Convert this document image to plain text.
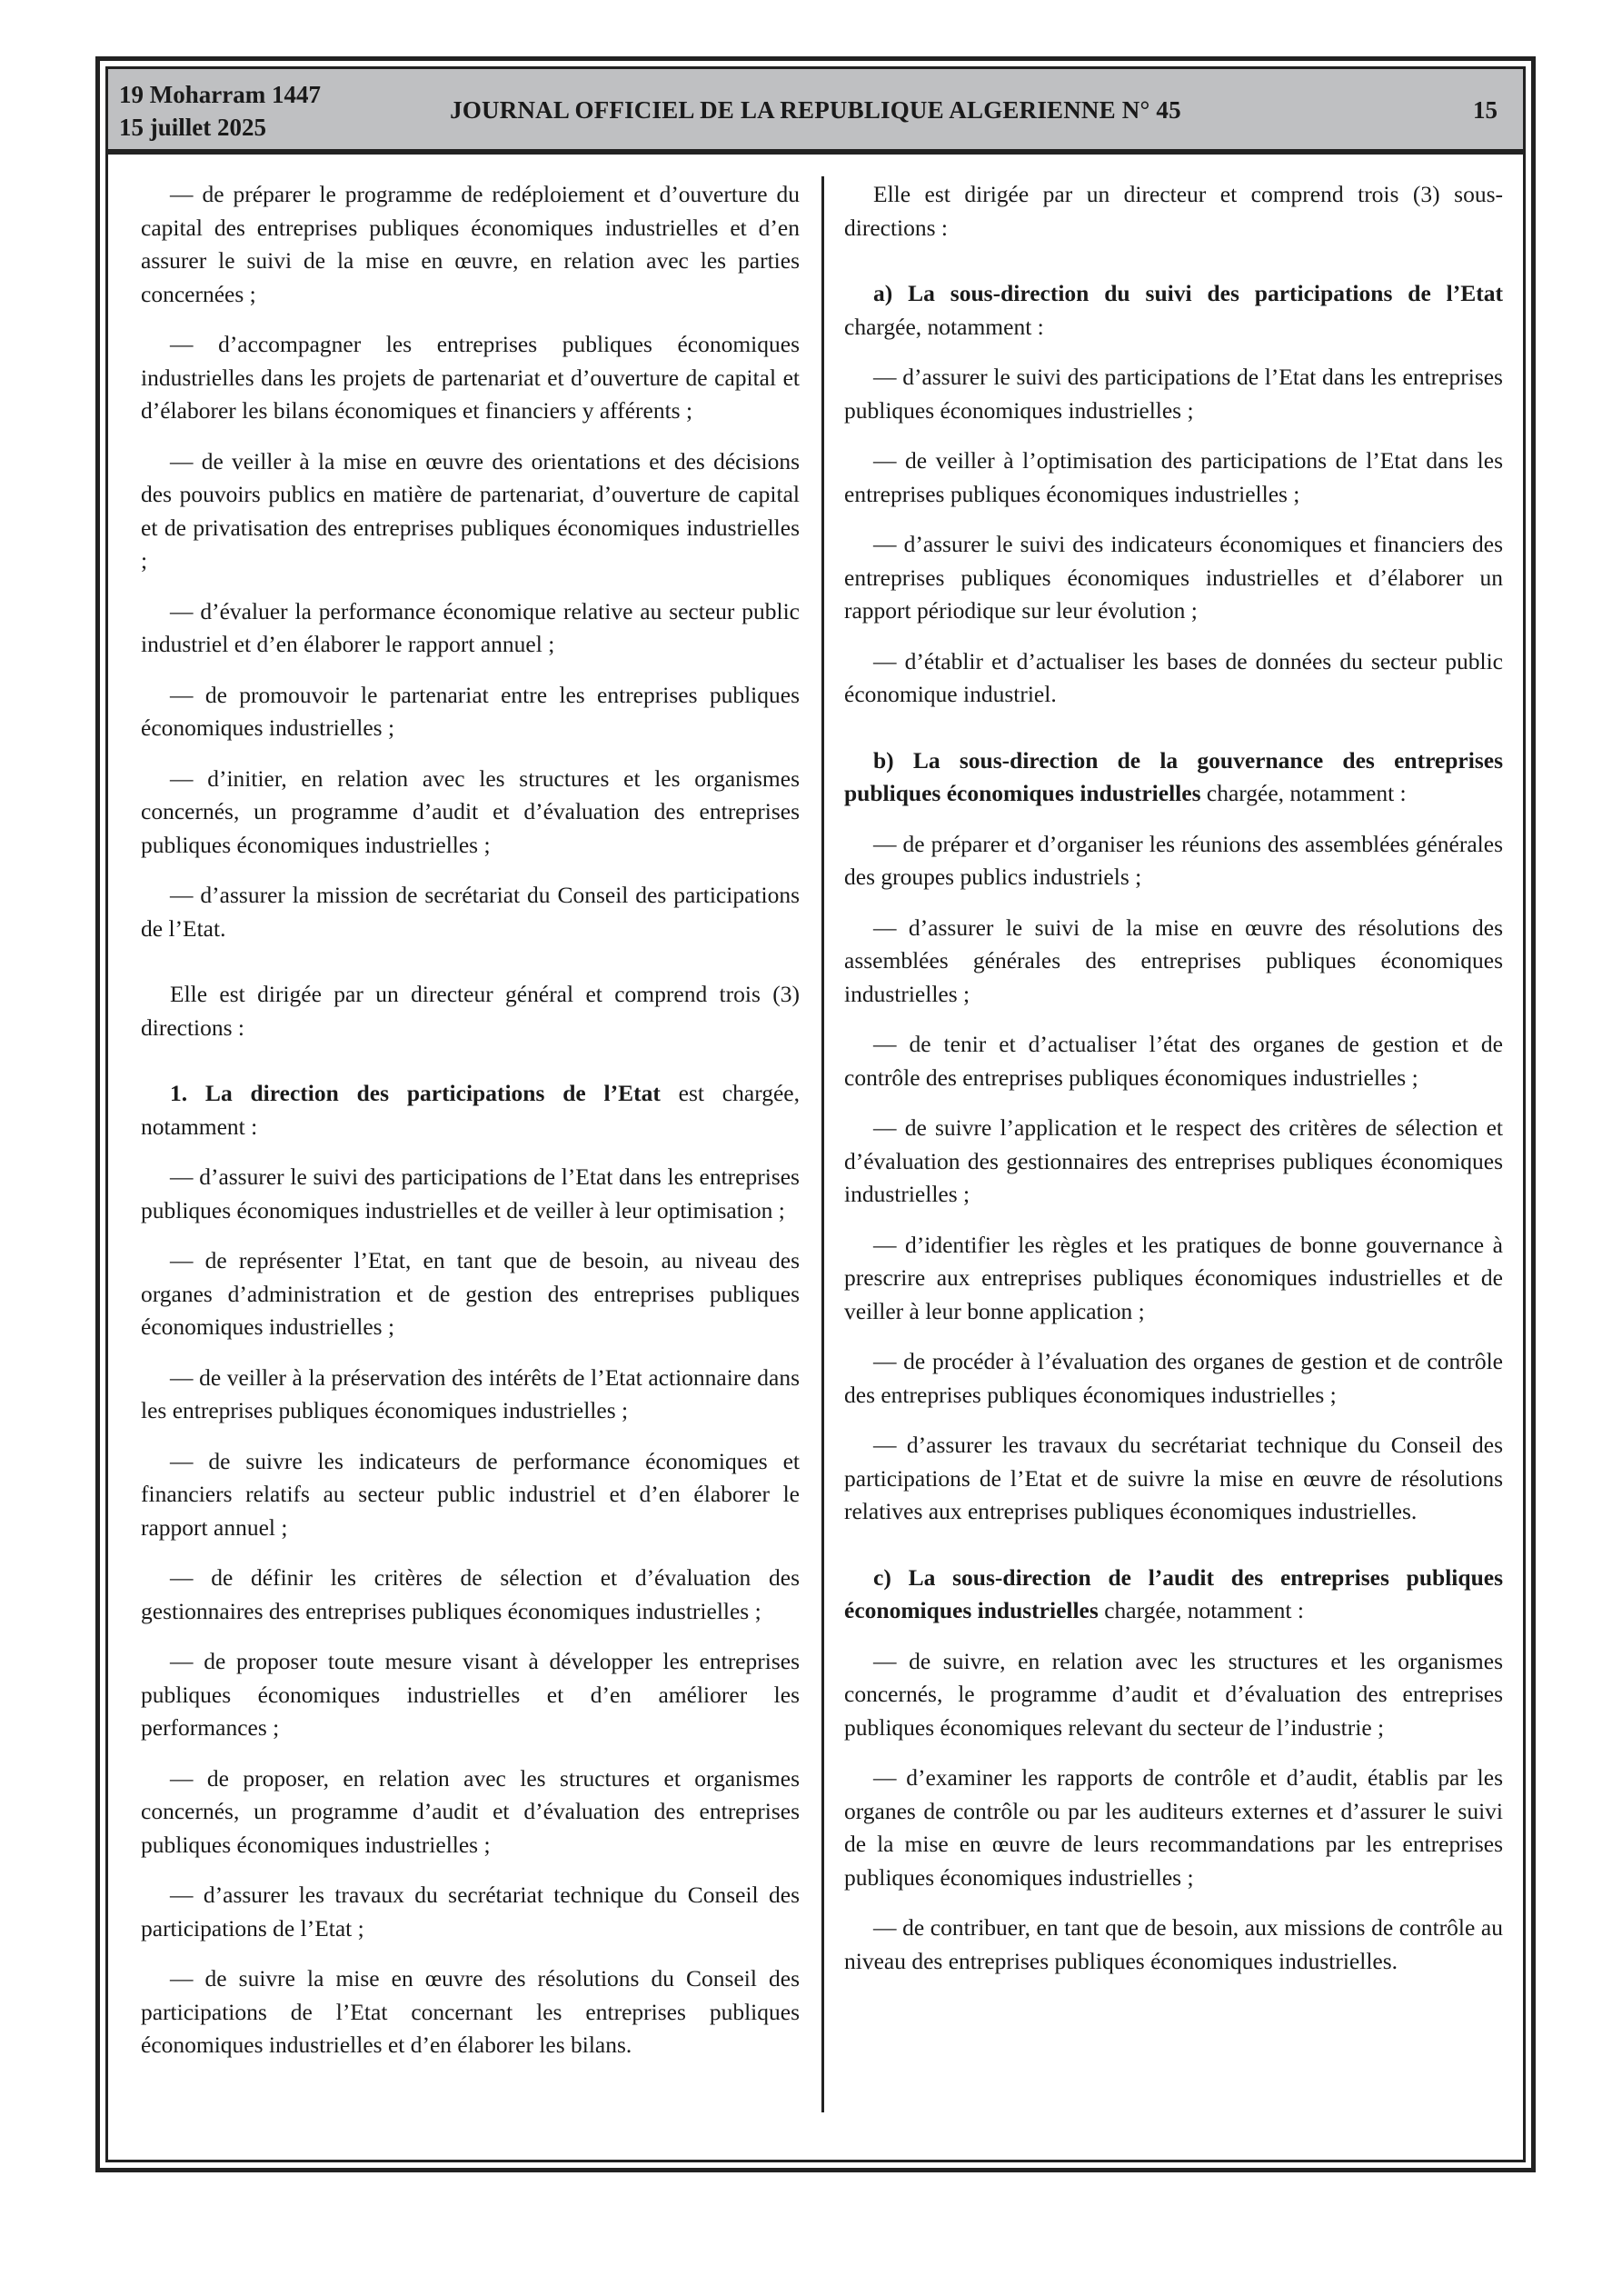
19 Moharram 1447
15 juillet 2025
JOURNAL OFFICIEL DE LA REPUBLIQUE ALGERIENNE N° 45	15

— de préparer le programme de redéploiement et d’ouverture du capital des entreprises publiques économiques industrielles et d’en assurer le suivi de la mise en œuvre, en relation avec les parties concernées ;

— d’accompagner les entreprises publiques économiques industrielles dans les projets de partenariat et d’ouverture de capital et d’élaborer les bilans économiques et financiers y afférents ;

— de veiller à la mise en œuvre des orientations et des décisions des pouvoirs publics en matière de partenariat, d’ouverture de capital et de privatisation des entreprises publiques économiques industrielles ;

— d’évaluer la performance économique relative au secteur public industriel et d’en élaborer le rapport annuel ;

— de promouvoir le partenariat entre les entreprises publiques économiques industrielles ;

— d’initier, en relation avec les structures et les organismes concernés, un programme d’audit et d’évaluation des entreprises publiques économiques industrielles ;

— d’assurer la mission de secrétariat du Conseil des participations de l’Etat.

Elle est dirigée par un directeur général et comprend trois (3) directions :

1. La direction des participations de l’Etat est chargée, notamment :

— d’assurer le suivi des participations de l’Etat dans les entreprises publiques économiques industrielles et de veiller à leur optimisation ;

— de représenter l’Etat, en tant que de besoin, au niveau des organes d’administration et de gestion des entreprises publiques économiques industrielles ;

— de veiller à la préservation des intérêts de l’Etat actionnaire dans les entreprises publiques économiques industrielles ;

— de suivre les indicateurs de performance économiques et financiers relatifs au secteur public industriel et d’en élaborer le rapport annuel ;

— de définir les critères de sélection et d’évaluation des gestionnaires des entreprises publiques économiques industrielles ;

— de proposer toute mesure visant à développer les entreprises publiques économiques industrielles et d’en améliorer les performances ;

— de proposer, en relation avec les structures et organismes concernés, un programme d’audit et d’évaluation des entreprises publiques économiques industrielles ;

— d’assurer les travaux du secrétariat technique du Conseil des participations de l’Etat ;

— de suivre la mise en œuvre des résolutions du Conseil des participations de l’Etat concernant les entreprises publiques économiques industrielles et d’en élaborer les bilans.

Elle est dirigée par un directeur et comprend trois (3) sous-directions :

a) La sous-direction du suivi des participations de l’Etat chargée, notamment :

— d’assurer le suivi des participations de l’Etat dans les entreprises publiques économiques industrielles ;

— de veiller à l’optimisation des participations de l’Etat dans les entreprises publiques économiques industrielles ;

— d’assurer le suivi des indicateurs économiques et financiers des entreprises publiques économiques industrielles et d’élaborer un rapport périodique sur leur évolution ;

— d’établir et d’actualiser les bases de données du secteur public économique industriel.

b) La sous-direction de la gouvernance des entreprises publiques économiques industrielles chargée, notamment :

— de préparer et d’organiser les réunions des assemblées générales des groupes publics industriels ;

— d’assurer le suivi de la mise en œuvre des résolutions des assemblées générales des entreprises publiques économiques industrielles ;

— de tenir et d’actualiser l’état des organes de gestion et de contrôle des entreprises publiques économiques industrielles ;

— de suivre l’application et le respect des critères de sélection et d’évaluation des gestionnaires des entreprises publiques économiques industrielles ;

— d’identifier les règles et les pratiques de bonne gouvernance à prescrire aux entreprises publiques économiques industrielles et de veiller à leur bonne application ;

— de procéder à l’évaluation des organes de gestion et de contrôle des entreprises publiques économiques industrielles ;

— d’assurer les travaux du secrétariat technique du Conseil des participations de l’Etat et de suivre la mise en œuvre de résolutions relatives aux entreprises publiques économiques industrielles.

c) La sous-direction de l’audit des entreprises publiques économiques industrielles chargée, notamment :

— de suivre, en relation avec les structures et les organismes concernés, le programme d’audit et d’évaluation des entreprises publiques économiques relevant du secteur de l’industrie ;

— d’examiner les rapports de contrôle et d’audit, établis par les organes de contrôle ou par les auditeurs externes et d’assurer le suivi de la mise en œuvre de leurs recommandations par les entreprises publiques économiques industrielles ;

— de contribuer, en tant que de besoin, aux missions de contrôle au niveau des entreprises publiques économiques industrielles.
